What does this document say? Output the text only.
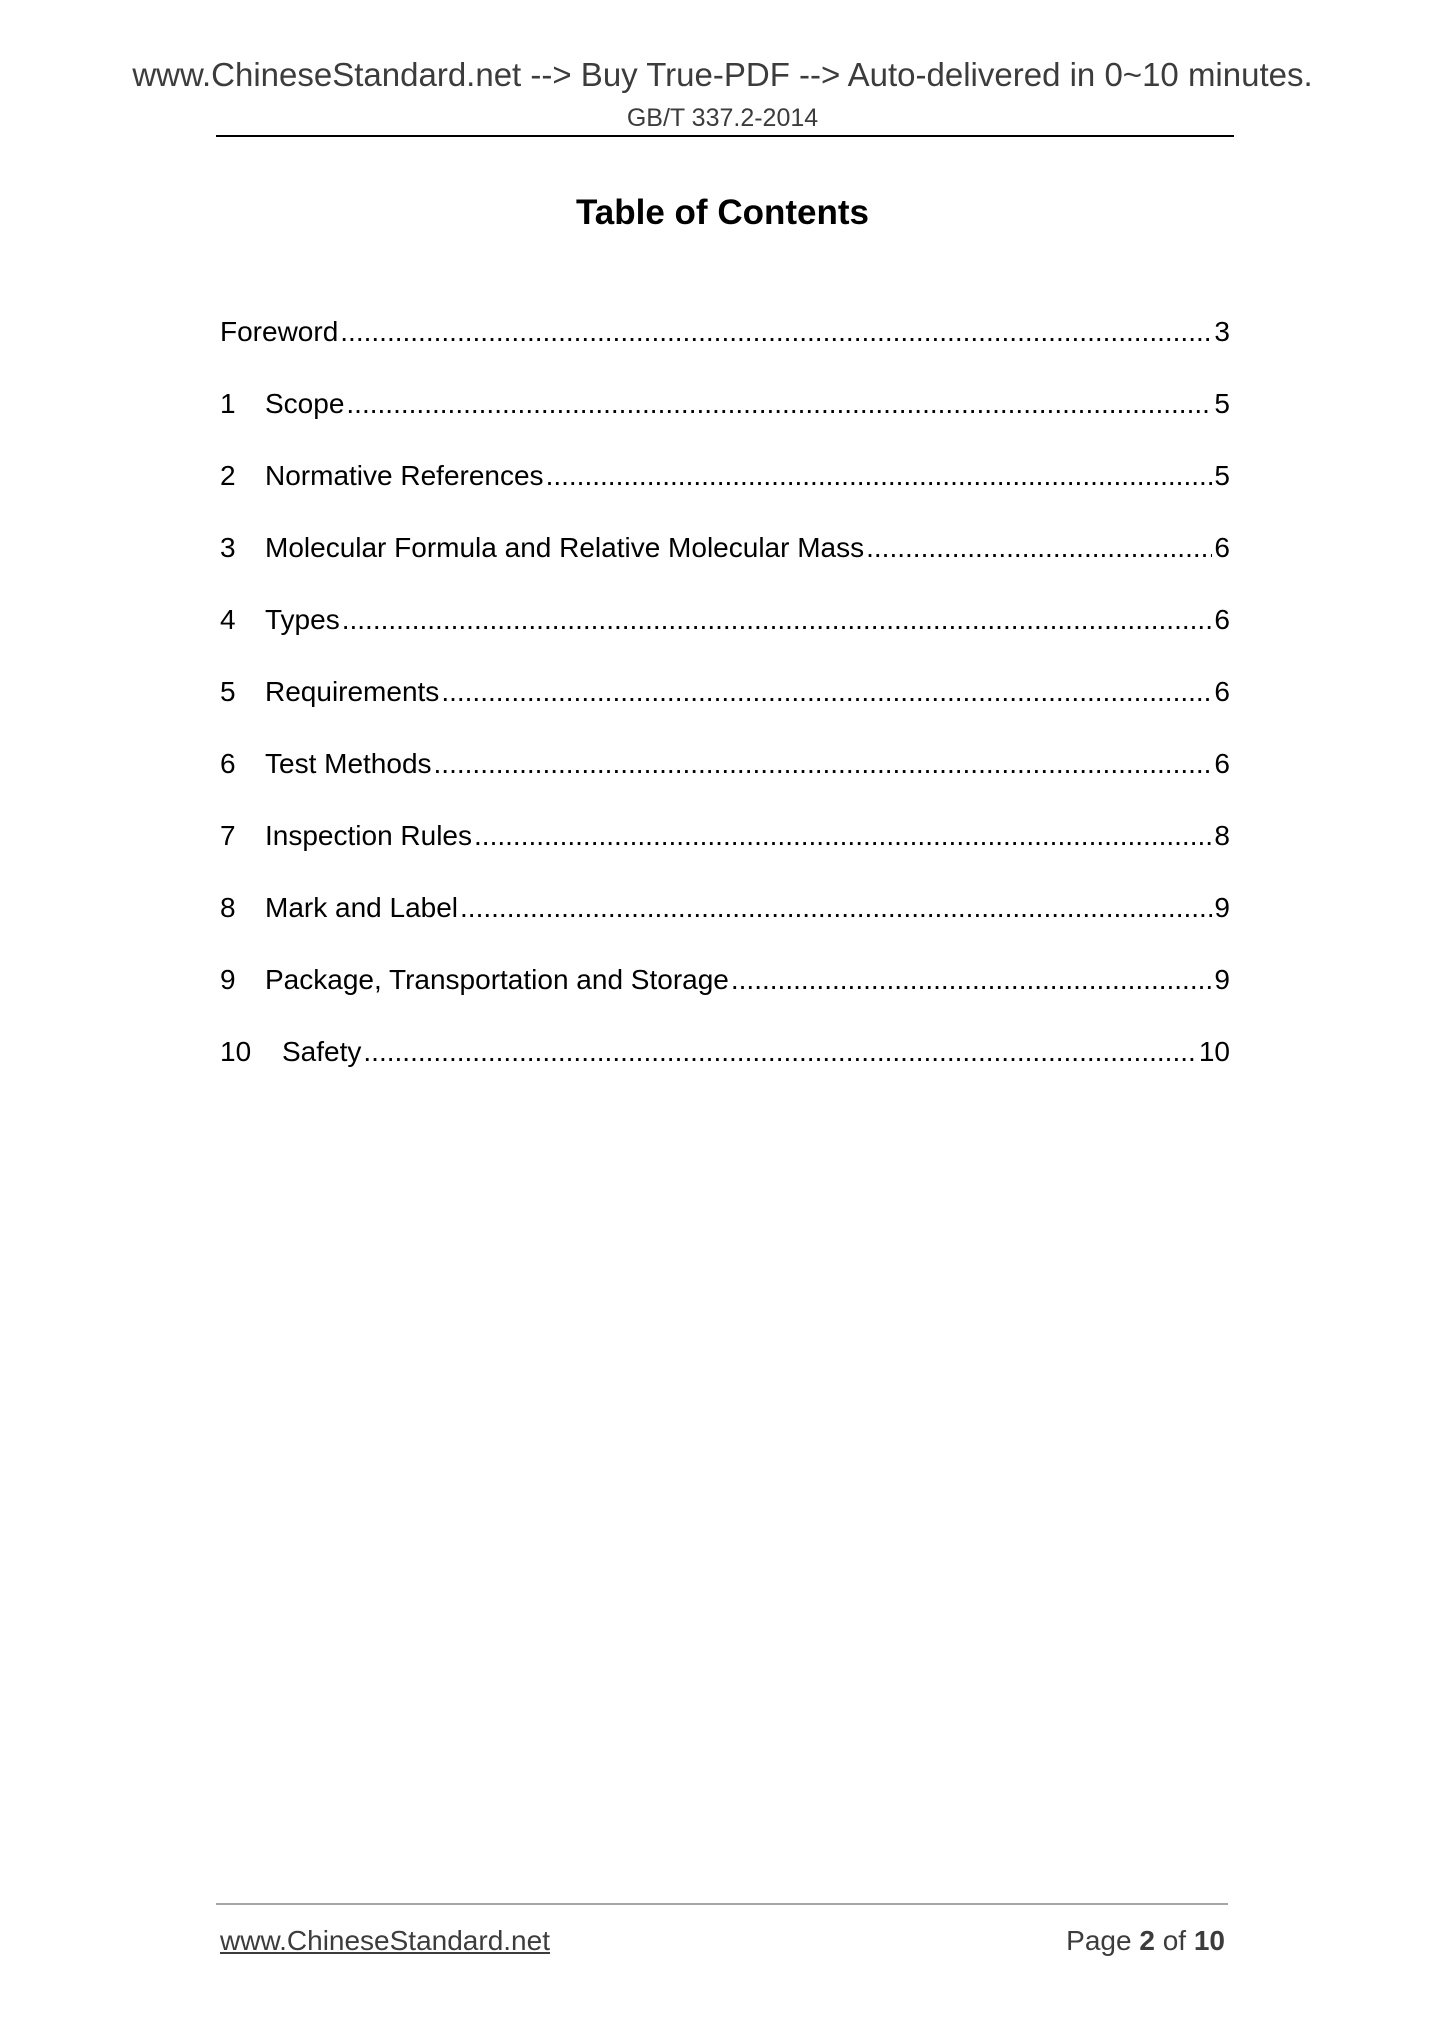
www.ChineseStandard.net --> Buy True-PDF --> Auto-delivered in 0~10 minutes.
GB/T 337.2-2014
Table of Contents
Foreword .....	3
1	Scope .....	5
2	Normative References .....	5
3	Molecular Formula and Relative Molecular Mass .....	6
4	Types .....	6
5	Requirements .....	6
6	Test Methods .....	6
7	Inspection Rules .....	8
8	Mark and Label .....	9
9	Package, Transportation and Storage .....	9
10	Safety .....	10
www.ChineseStandard.net	Page 2 of 10
